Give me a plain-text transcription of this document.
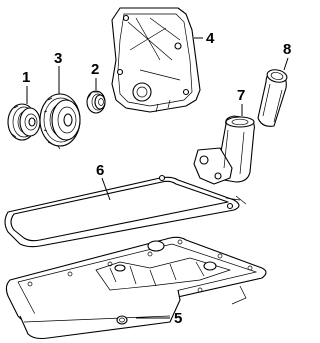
1	2
3
4
5
6
7
8
